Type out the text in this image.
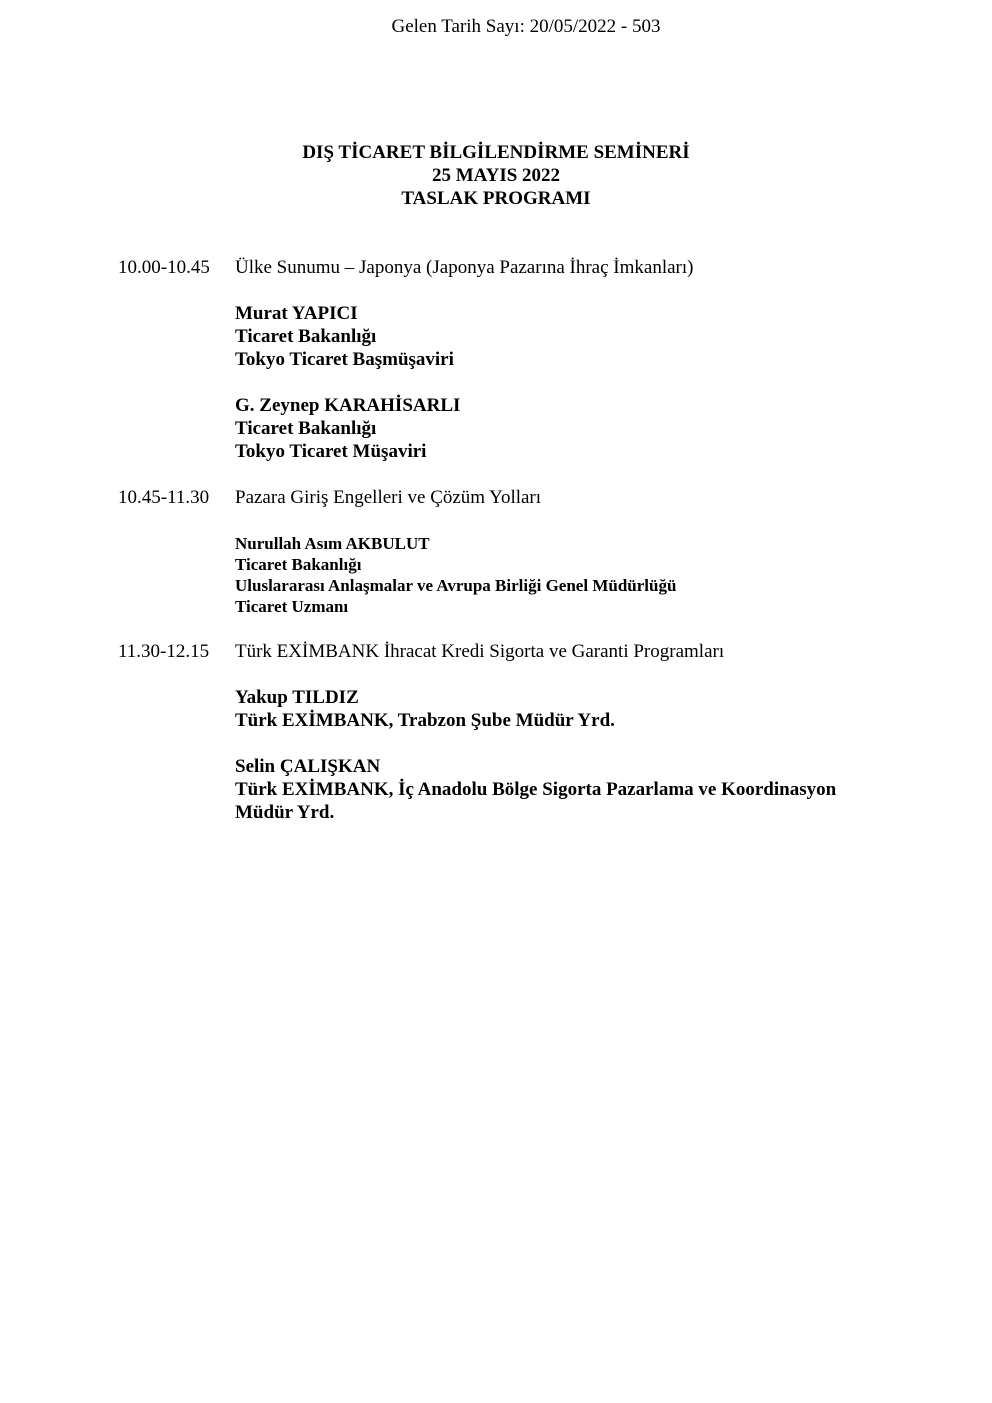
Gelen Tarih Sayı: 20/05/2022 - 503
DIŞ TİCARET BİLGİLENDİRME SEMİNERİ
25 MAYIS 2022
TASLAK PROGRAMI
10.00-10.45 Ülke Sunumu – Japonya (Japonya Pazarına İhraç İmkanları)
Murat YAPICI
Ticaret Bakanlığı
Tokyo Ticaret Başmüşaviri
G. Zeynep KARAHİSARLI
Ticaret Bakanlığı
Tokyo Ticaret Müşaviri
10.45-11.30 Pazara Giriş Engelleri ve Çözüm Yolları
Nurullah Asım AKBULUT
Ticaret Bakanlığı
Uluslararası Anlaşmalar ve Avrupa Birliği Genel Müdürlüğü
Ticaret Uzmanı
11.30-12.15 Türk EXİMBANK İhracat Kredi Sigorta ve Garanti Programları
Yakup TILDIZ
Türk EXİMBANK, Trabzon Şube Müdür Yrd.
Selin ÇALIŞKAN
Türk EXİMBANK, İç Anadolu Bölge Sigorta Pazarlama ve Koordinasyon
Müdür Yrd.
